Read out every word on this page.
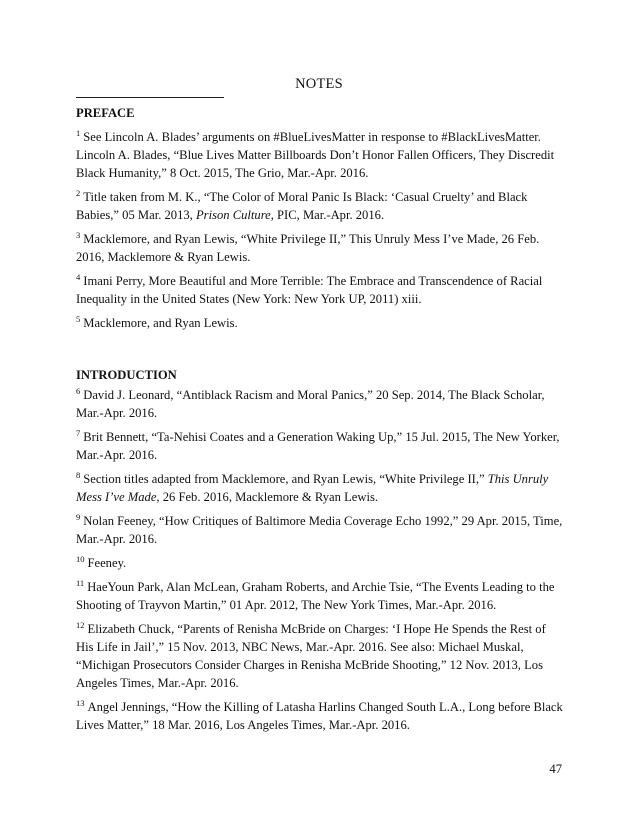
NOTES

PREFACE

$^1$ See Lincoln A. Blades’ arguments on #BlueLivesMatter in response to #BlackLivesMatter. Lincoln A. Blades, “Blue Lives Matter Billboards Don’t Honor Fallen Officers, They Discredit Black Humanity,” 8 Oct. 2015, The Grio, Mar.-Apr. 2016.

$^2$ Title taken from M. K., “The Color of Moral Panic Is Black: ‘Casual Cruelty’ and Black Babies,” 05 Mar. 2013, Prison Culture, PIC, Mar.-Apr. 2016.

$^3$ Macklemore, and Ryan Lewis, “White Privilege II,” This Unruly Mess I’ve Made, 26 Feb. 2016, Macklemore & Ryan Lewis.

$^4$ Imani Perry, More Beautiful and More Terrible: The Embrace and Transcendence of Racial Inequality in the United States (New York: New York UP, 2011) xiii.

$^5$ Macklemore, and Ryan Lewis.

INTRODUCTION

$^6$ David J. Leonard, “Antiblack Racism and Moral Panics,” 20 Sep. 2014, The Black Scholar, Mar.-Apr. 2016.

$^7$ Brit Bennett, “Ta-Nehisi Coates and a Generation Waking Up,” 15 Jul. 2015, The New Yorker, Mar.-Apr. 2016.

$^8$ Section titles adapted from Macklemore, and Ryan Lewis, “White Privilege II,” This Unruly Mess I’ve Made, 26 Feb. 2016, Macklemore & Ryan Lewis.

$^9$ Nolan Feeney, “How Critiques of Baltimore Media Coverage Echo 1992,” 29 Apr. 2015, Time, Mar.-Apr. 2016.

$^{10}$ Feeney.

$^{11}$ HaeYoun Park, Alan McLean, Graham Roberts, and Archie Tsie, “The Events Leading to the Shooting of Trayvon Martin,” 01 Apr. 2012, The New York Times, Mar.-Apr. 2016.

$^{12}$ Elizabeth Chuck, “Parents of Renisha McBride on Charges: ‘I Hope He Spends the Rest of His Life in Jail’,” 15 Nov. 2013, NBC News, Mar.-Apr. 2016. See also: Michael Muskal, “Michigan Prosecutors Consider Charges in Renisha McBride Shooting,” 12 Nov. 2013, Los Angeles Times, Mar.-Apr. 2016.

$^{13}$ Angel Jennings, “How the Killing of Latasha Harlins Changed South L.A., Long before Black Lives Matter,” 18 Mar. 2016, Los Angeles Times, Mar.-Apr. 2016.

47
